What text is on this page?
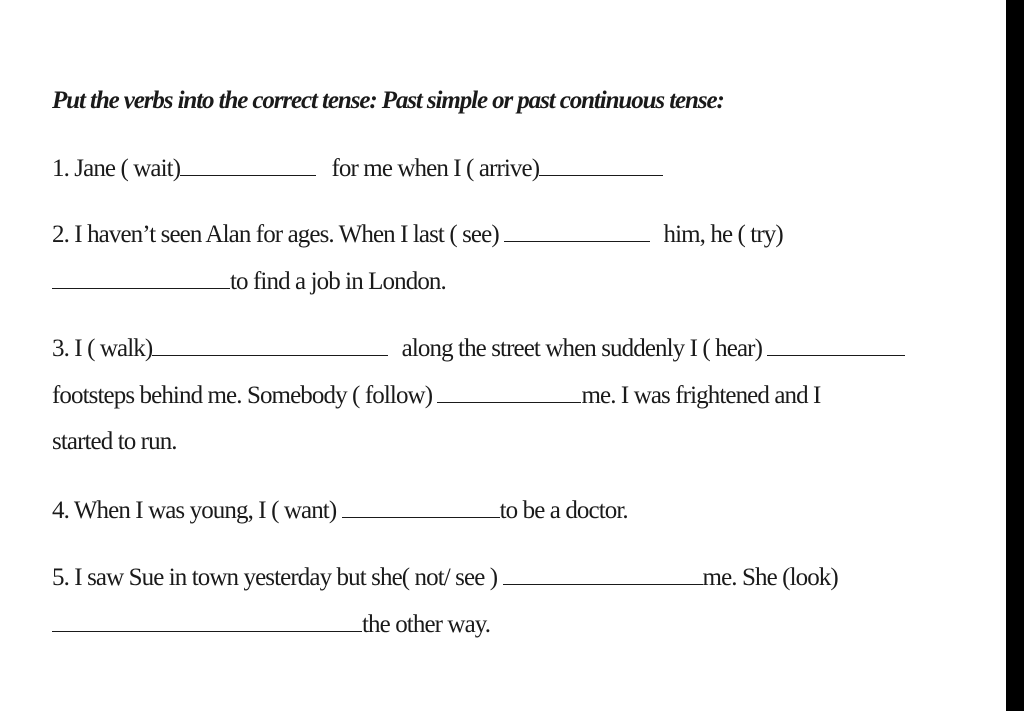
Put the verbs into the correct tense: Past simple or past continuous tense:
1. Jane ( wait)	for me when I ( arrive)
2. I haven’t seen Alan for ages. When I last ( see)	him, he ( try)
to find a job in London.
3. I ( walk)	along the street when suddenly I ( hear)
footsteps behind me. Somebody ( follow)	me. I was frightened and I
started to run.
4. When I was young, I ( want)	to be a doctor.
5. I saw Sue in town yesterday but she( not/ see )	me. She (look)
the other way.
